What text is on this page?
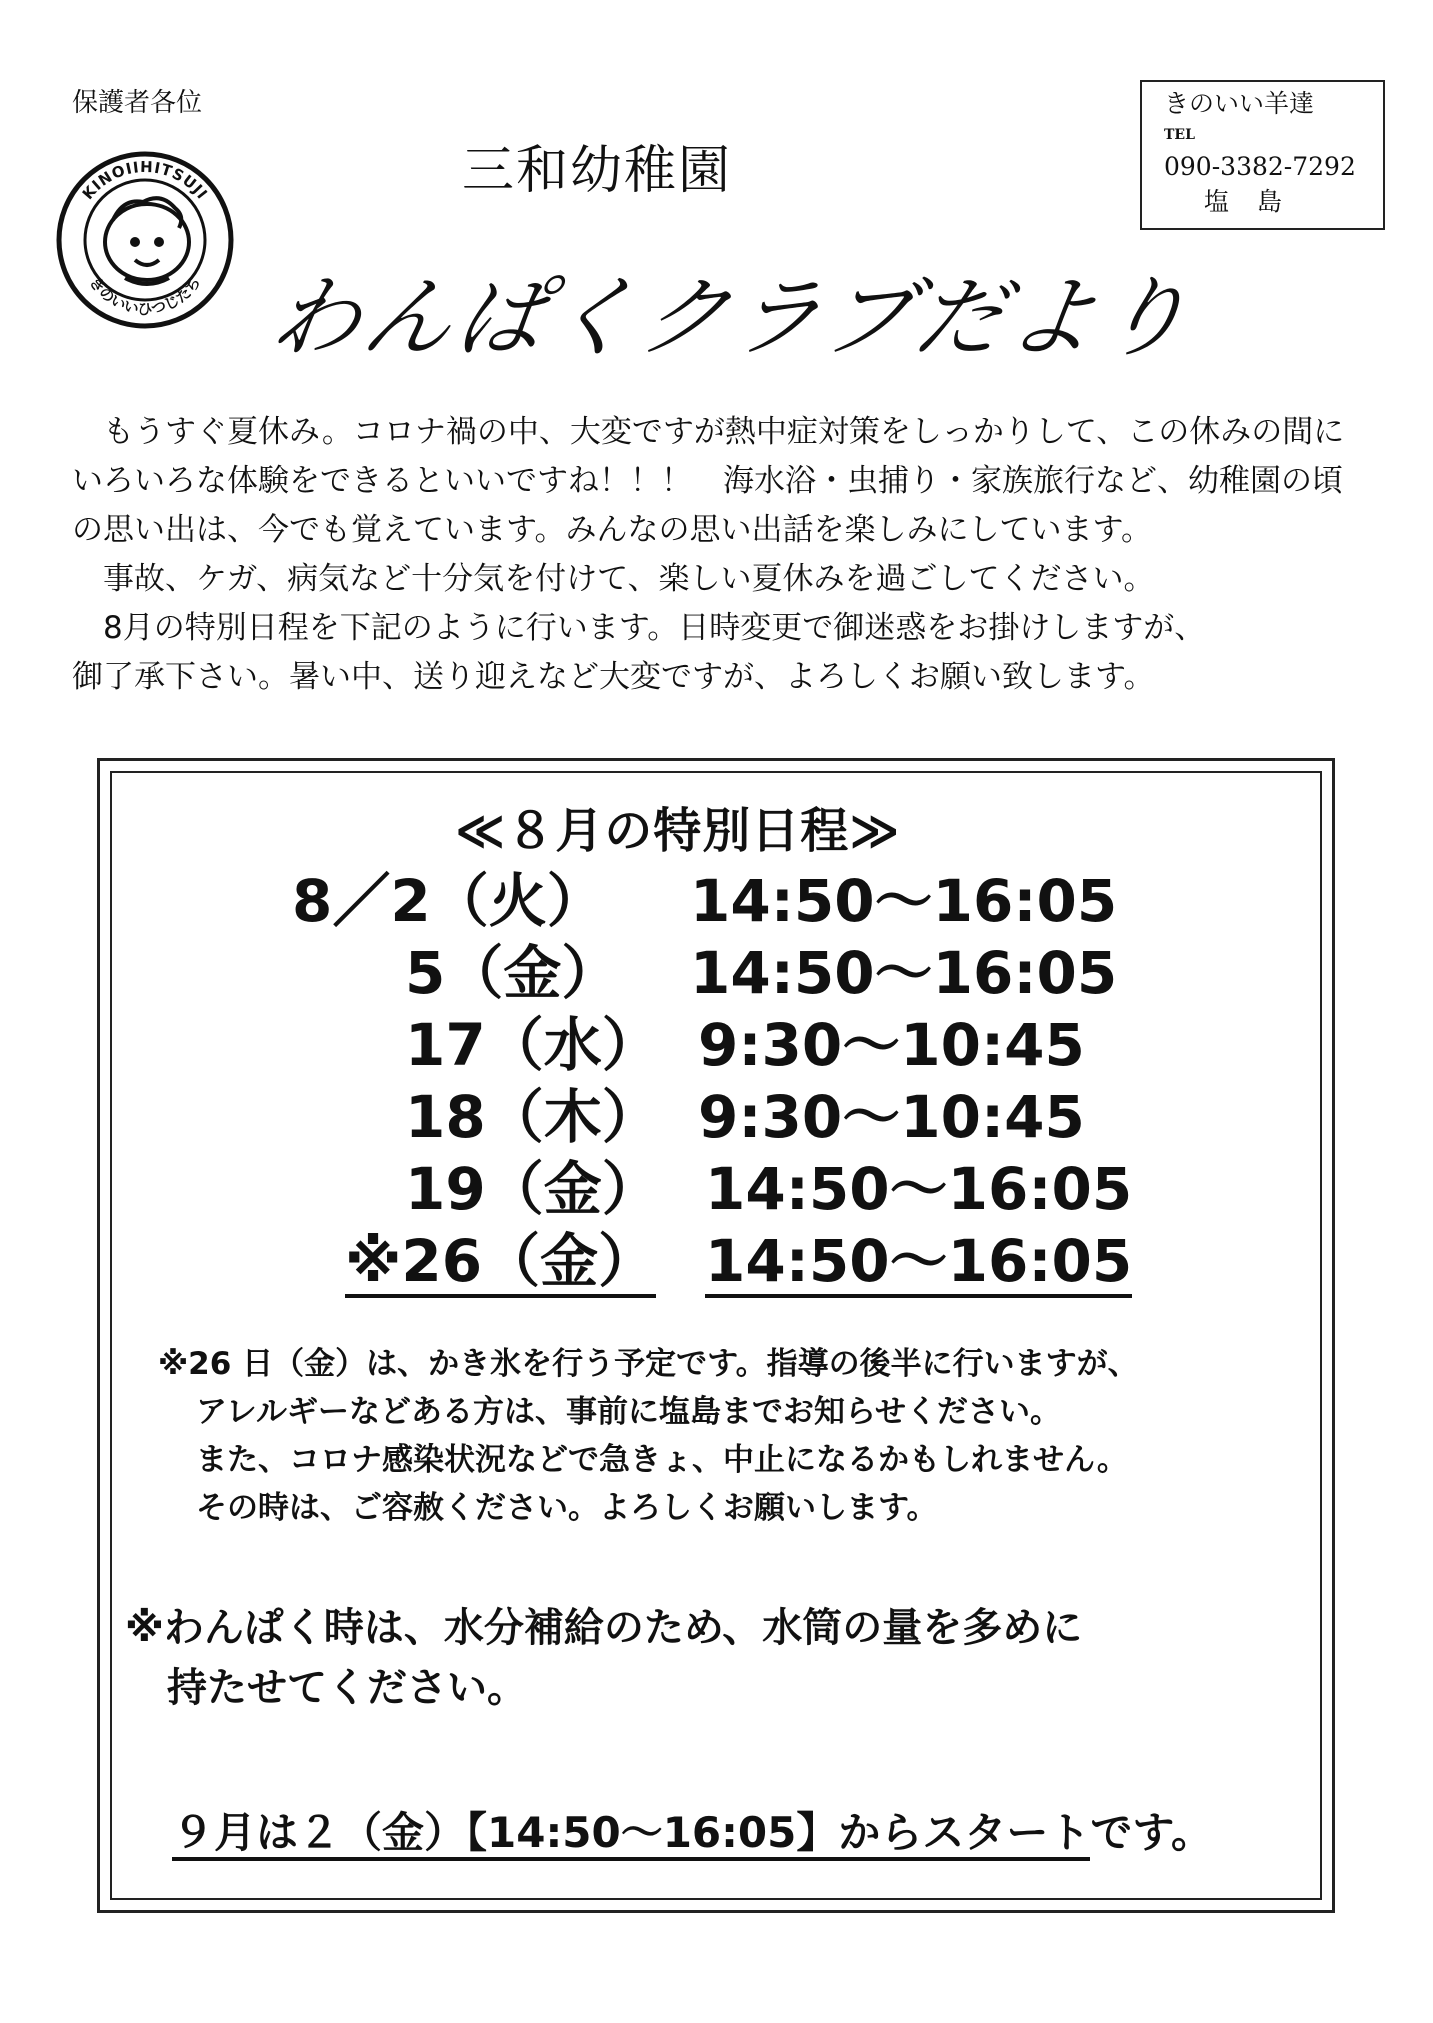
保護者各位
KINOIIHITSUJI
きのいいひつじたち
三和幼稚園
わんぱくクラブだより
きのいい羊達
TEL
090-3382-7292
塩 島

　もうすぐ夏休み。コロナ禍の中、大変ですが熱中症対策をしっかりして、この休みの間に

いろいろな体験をできるといいですね！！！　海水浴・虫捕り・家族旅行など、幼稚園の頃

の思い出は、今でも覚えています。みんなの思い出話を楽しみにしています。

　事故、ケガ、病気など十分気を付けて、楽しい夏休みを過ごしてください。

　8月の特別日程を下記のように行います。日時変更で御迷惑をお掛けしますが、

御了承下さい。暑い中、送り迎えなど大変ですが、よろしくお願い致します。

≪８月の特別日程≫
8／2（火） 14:50～16:05
5（金） 14:50～16:05
17（水） 9:30～10:45
18（木） 9:30～10:45
19（金） 14:50～16:05
※26（金） 14:50～16:05

※26 日（金）は、かき氷を行う予定です。指導の後半に行いますが、

アレルギーなどある方は、事前に塩島までお知らせください。

また、コロナ感染状況などで急きょ、中止になるかもしれません。

その時は、ご容赦ください。よろしくお願いします。

※わんぱく時は、水分補給のため、水筒の量を多めに

持たせてください。

９月は２（金）【14:50～16:05】からスタートです。
